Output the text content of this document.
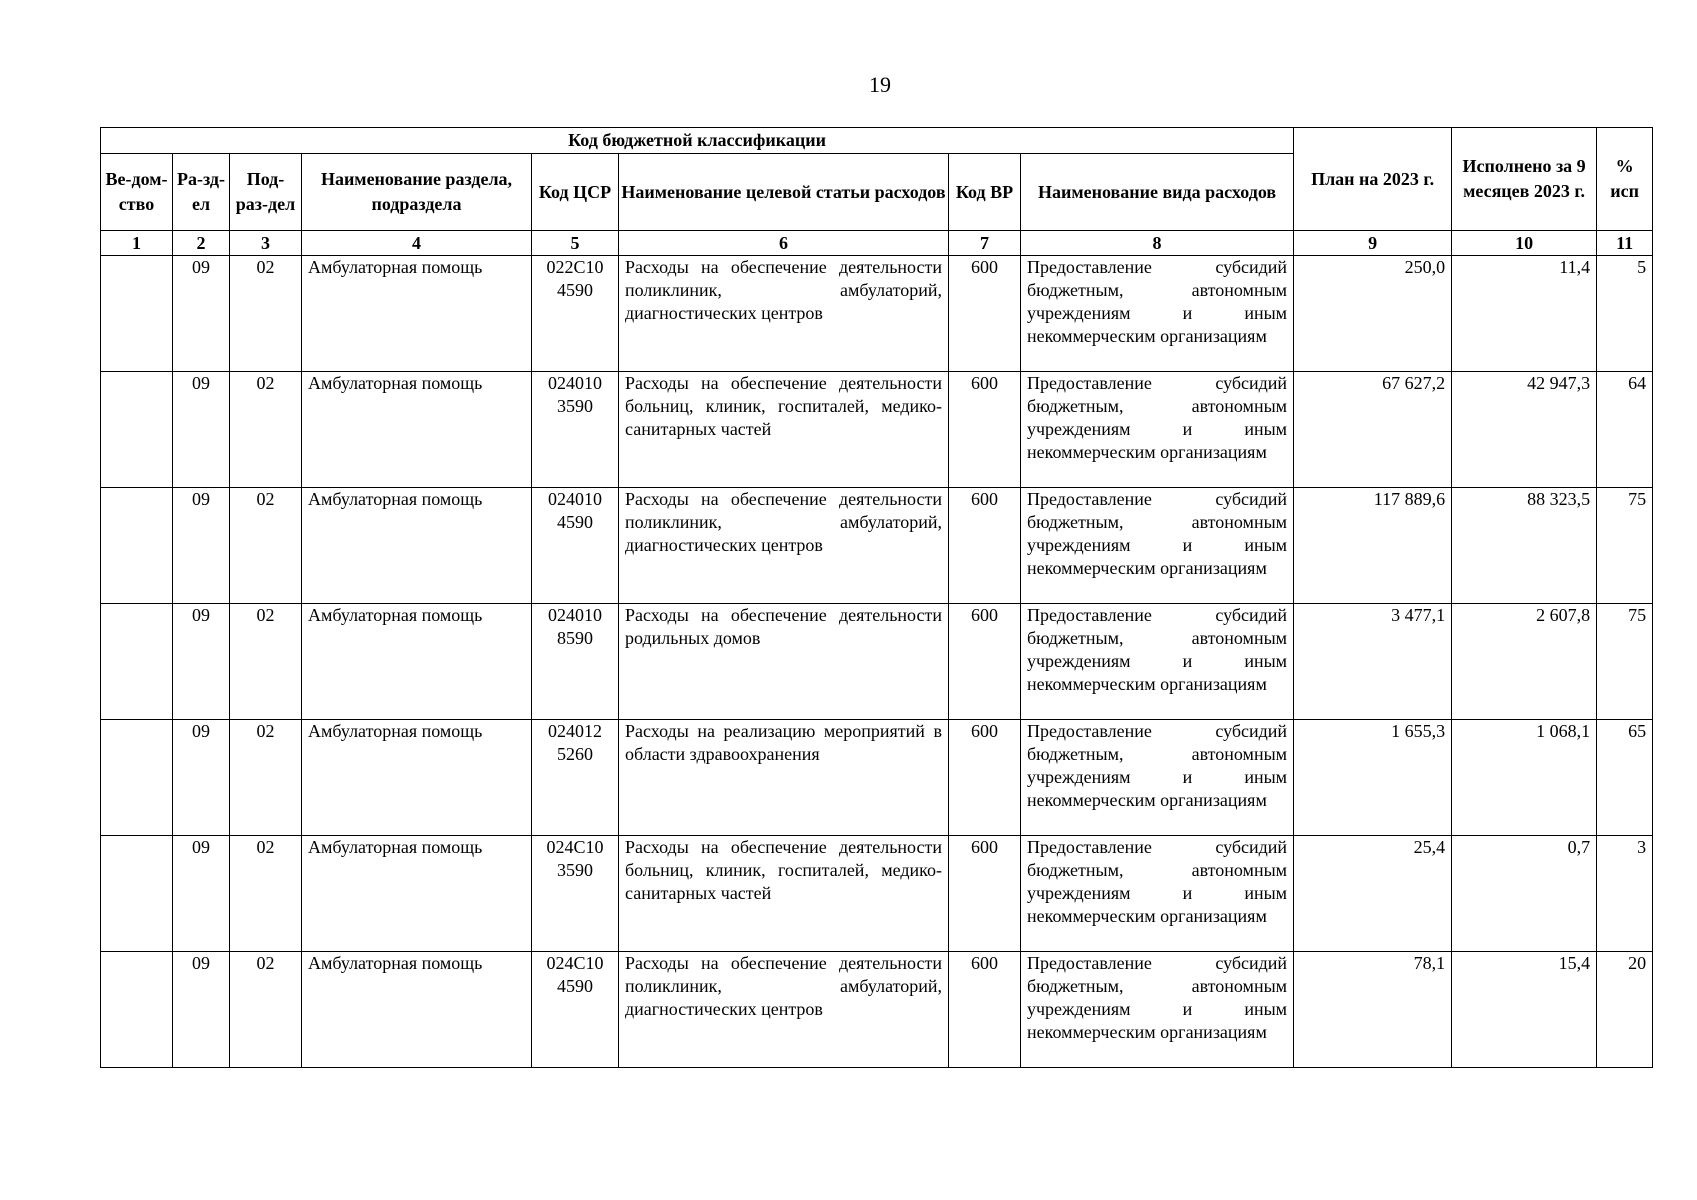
19
Код бюджетной классификации								План на 2023 г.	Исполнено за 9 месяцев 2023 г.	% исп
Ве-дом-ство	Ра-зд-ел	Под-раз-дел	Наименование раздела, подраздела	Код ЦСР	Наименование целевой статьи расходов	Код ВР	Наименование вида расходов			
1	2	3	4	5	6	7	8	9	10	11
	09	02	Амбулаторная помощь	022C10 4590	Расходы на обеспечение деятельности поликлиник, амбулаторий, диагностических центров	600	Предоставление субсидий бюджетным, автономным учреждениям и иным некоммерческим организациям	250,0	11,4	5
	09	02	Амбулаторная помощь	024010 3590	Расходы на обеспечение деятельности больниц, клиник, госпиталей, медико-санитарных частей	600	Предоставление субсидий бюджетным, автономным учреждениям и иным некоммерческим организациям	67 627,2	42 947,3	64
	09	02	Амбулаторная помощь	024010 4590	Расходы на обеспечение деятельности поликлиник, амбулаторий, диагностических центров	600	Предоставление субсидий бюджетным, автономным учреждениям и иным некоммерческим организациям	117 889,6	88 323,5	75
	09	02	Амбулаторная помощь	024010 8590	Расходы на обеспечение деятельности родильных домов	600	Предоставление субсидий бюджетным, автономным учреждениям и иным некоммерческим организациям	3 477,1	2 607,8	75
	09	02	Амбулаторная помощь	024012 5260	Расходы на реализацию мероприятий в области здравоохранения	600	Предоставление субсидий бюджетным, автономным учреждениям и иным некоммерческим организациям	1 655,3	1 068,1	65
	09	02	Амбулаторная помощь	024C10 3590	Расходы на обеспечение деятельности больниц, клиник, госпиталей, медико-санитарных частей	600	Предоставление субсидий бюджетным, автономным учреждениям и иным некоммерческим организациям	25,4	0,7	3
	09	02	Амбулаторная помощь	024C10 4590	Расходы на обеспечение деятельности поликлиник, амбулаторий, диагностических центров	600	Предоставление субсидий бюджетным, автономным учреждениям и иным некоммерческим организациям	78,1	15,4	20
